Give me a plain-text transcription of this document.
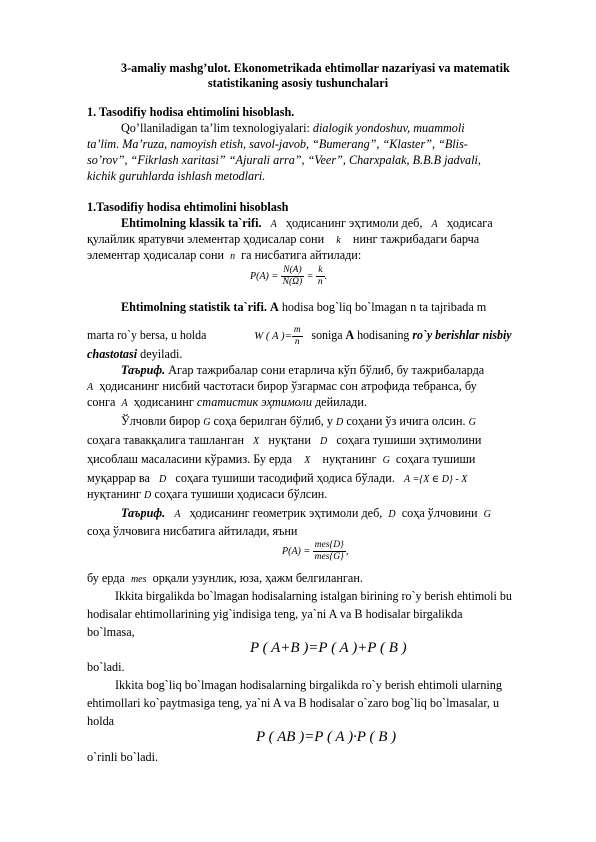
3-amaliy mashg’ulot. Ekonometrikada ehtimollar nazariyasi va matematik
statistikaning asosiy tushunchalari
1. Tasodifiy hodisa ehtimolini hisoblash.
Qo’llaniladigan ta’lim texnologiyalari: dialogik yondoshuv, muammoli
ta’lim. Ma’ruza, namoyish etish, savol-javob, “Bumerang”, “Klaster”, “Blis-
so’rov”, “Fikrlash xaritasi” “Ajurali arra”, “Veer”, Charxpalak, B.B.B jadvali,
kichik guruhlarda ishlash metodlari.
1.Tasodifiy hodisa ehtimolini hisoblash
Ehtimolning klassik ta`rifi. A ҳодисанинг эҳтимоли деб, A ҳодисага
қулайлик яратувчи элементар ҳодисалар сони k нинг тажрибадаги барча
элементар ҳодисалар сони n га нисбатига айтилади:
$P(A) = \frac{N(A)}{N(\Omega)} = \frac{k}{n}$ .
Ehtimolning statistik ta`rifi. A hodisa bog`liq bo`lmagan n ta tajribada m
marta ro`y bersa, u holda	W ( A )= $\frac{m}{n}$ soniga A hodisaning ro`y berishlar nisbiy
chastotasi deyiladi.
Таъриф. Агар тажрибалар сони етарлича кўп бўлиб, бу тажрибаларда
A ҳодисанинг нисбий частотаси бирор ўзгармас сон атрофида тебранса, бу
сонга A ҳодисанинг статистик эҳтимоли дейилади.
Ўлчовли бирор G соҳа берилган бўлиб, у D соҳани ўз ичига олсин. G
соҳага тавакқалига ташланган X нуқтани D соҳага тушиши эҳтимолини
ҳисоблаш масаласини кўрамиз. Бу ерда X нуқтанинг G соҳага тушиши
муқаррар ва D соҳага тушиши тасодифий ҳодиса бўлади. A ={X ∈ D} - X
нуқтанинг D соҳага тушиши ҳодисаси бўлсин.
Таъриф. A ҳодисанинг геометрик эҳтимоли деб, D соҳа ўлчовини G
соҳа ўлчовига нисбатига айтилади, яъни
$P(A) = \frac{\text{mes\{D\}}}{\text{mes\{G\}}}$ ,
бу ерда mes орқали узунлик, юза, ҳажм белгиланган.
Ikkita birgalikda bo`lmagan hodisalarning istalgan birining ro`y berish ehtimoli bu
hodisalar ehtimollarining yig`indisiga teng, ya`ni A va B hodisalar birgalikda
bo`lmasa,
P ( A+B )=P ( A )+P ( B )
bo`ladi.
Ikkita bog`liq bo`lmagan hodisalarning birgalikda ro`y berish ehtimoli ularning
ehtimollari ko`paytmasiga teng, ya`ni A va B hodisalar o`zaro bog`liq bo`lmasalar, u
holda
P ( AB )=P ( A )·P ( B )
o`rinli bo`ladi.
